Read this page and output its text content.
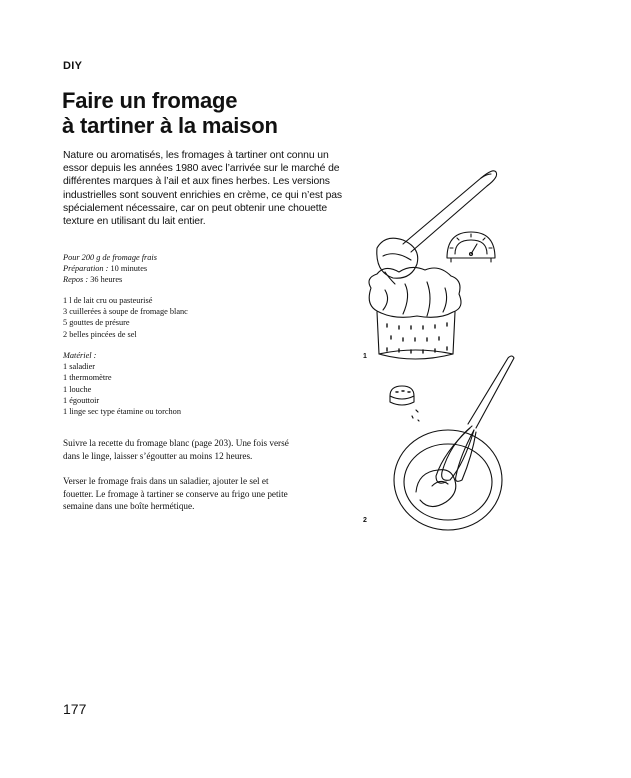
DIY
Faire un fromage
à tartiner à la maison

Nature ou aromatisés, les fromages à tartiner ont connu un essor depuis les années 1980 avec l’arrivée sur le marché de différentes marques à l’ail et aux fines herbes. Les versions industrielles sont souvent enrichies en crème, ce qui n’est pas spécialement nécessaire, car on peut obtenir une chouette texture en utilisant du lait entier.

Pour 200 g de fromage frais
Préparation : 10 minutes
Repos : 36 heures
1 l de lait cru ou pasteurisé
3 cuillerées à soupe de fromage blanc
5 gouttes de présure
2 belles pincées de sel
Matériel :
1 saladier
1 thermomètre
1 louche
1 égouttoir
1 linge sec type étamine ou torchon

Suivre la recette du fromage blanc (page 203). Une fois versé dans le linge, laisser s’égoutter au moins 12 heures.

Verser le fromage frais dans un saladier, ajouter le sel et fouetter. Le fromage à tartiner se conserve au frigo une petite semaine dans une boîte hermétique.

1
2
177
